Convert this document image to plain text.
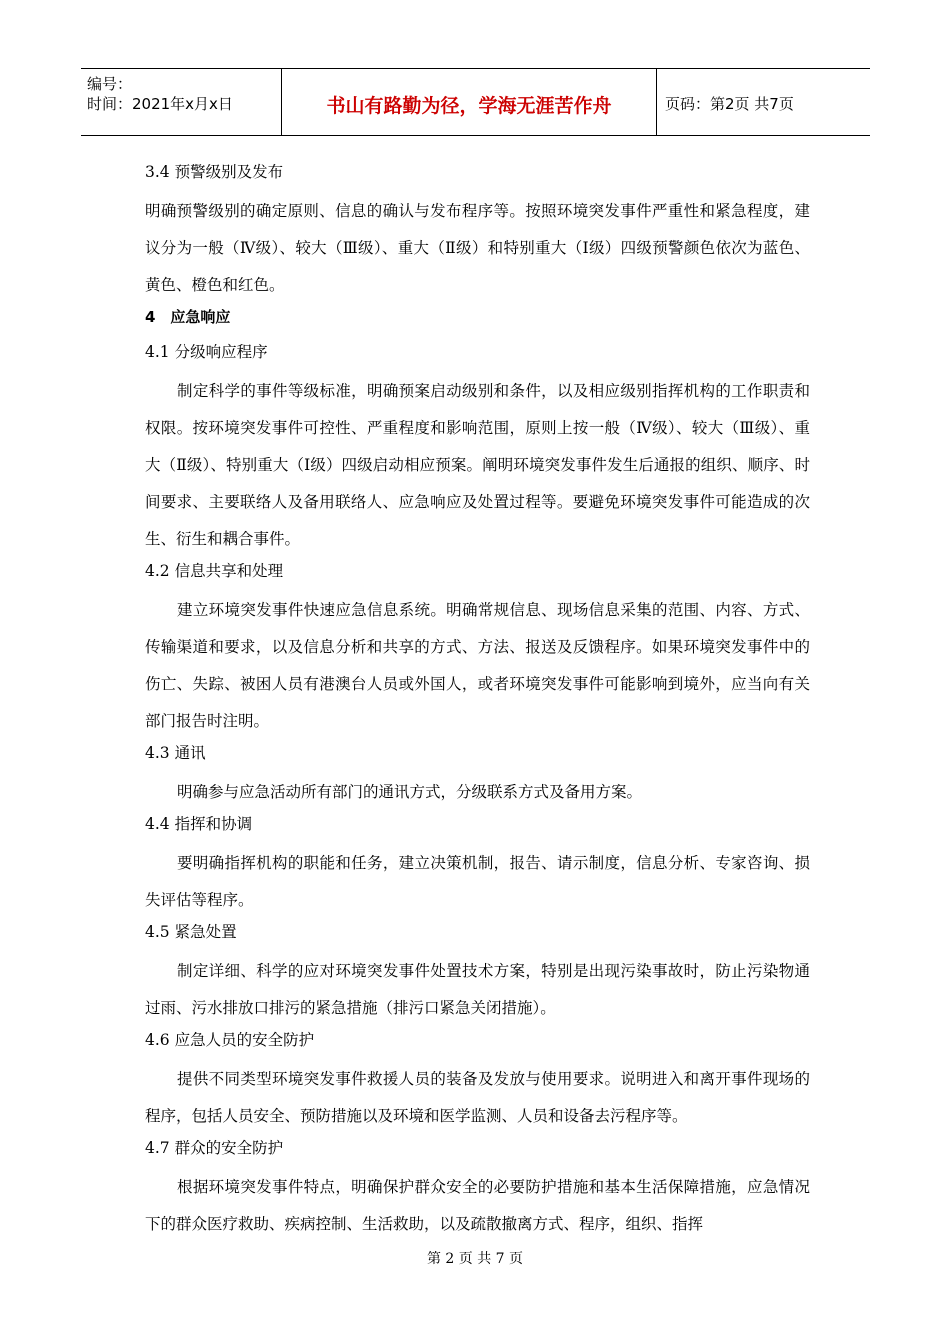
编号：
时间：2021年x月x日	书山有路勤为径，学海无涯苦作舟	页码：第2页 共7页
3.4 预警级别及发布
明确预警级别的确定原则、信息的确认与发布程序等。按照环境突发事件严重性和紧急程度，建议分为一般（Ⅳ级）、较大（Ⅲ级）、重大（Ⅱ级）和特别重大（Ⅰ级）四级预警颜色依次为蓝色、黄色、橙色和红色。
4　应急响应
4.1 分级响应程序
制定科学的事件等级标准，明确预案启动级别和条件，以及相应级别指挥机构的工作职责和权限。按环境突发事件可控性、严重程度和影响范围，原则上按一般（Ⅳ级）、较大（Ⅲ级）、重大（Ⅱ级）、特别重大（Ⅰ级）四级启动相应预案。阐明环境突发事件发生后通报的组织、顺序、时间要求、主要联络人及备用联络人、应急响应及处置过程等。要避免环境突发事件可能造成的次生、衍生和耦合事件。
4.2 信息共享和处理
建立环境突发事件快速应急信息系统。明确常规信息、现场信息采集的范围、内容、方式、传输渠道和要求，以及信息分析和共享的方式、方法、报送及反馈程序。如果环境突发事件中的伤亡、失踪、被困人员有港澳台人员或外国人，或者环境突发事件可能影响到境外，应当向有关部门报告时注明。
4.3 通讯
明确参与应急活动所有部门的通讯方式，分级联系方式及备用方案。
4.4 指挥和协调
要明确指挥机构的职能和任务，建立决策机制，报告、请示制度，信息分析、专家咨询、损失评估等程序。
4.5 紧急处置
制定详细、科学的应对环境突发事件处置技术方案，特别是出现污染事故时，防止污染物通过雨、污水排放口排污的紧急措施（排污口紧急关闭措施）。
4.6 应急人员的安全防护
提供不同类型环境突发事件救援人员的装备及发放与使用要求。说明进入和离开事件现场的程序，包括人员安全、预防措施以及环境和医学监测、人员和设备去污程序等。
4.7 群众的安全防护
根据环境突发事件特点，明确保护群众安全的必要防护措施和基本生活保障措施，应急情况下的群众医疗救助、疾病控制、生活救助，以及疏散撤离方式、程序，组织、指挥
第 2 页 共 7 页
